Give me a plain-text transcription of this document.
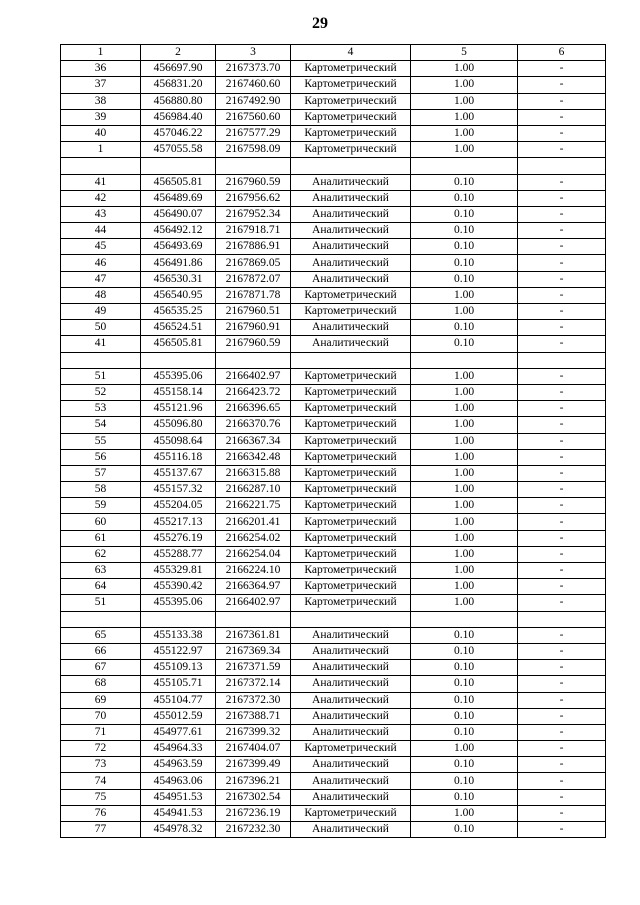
29
1	2	3	4	5	6
36	456697.90	2167373.70	Картометрический	1.00	-
37	456831.20	2167460.60	Картометрический	1.00	-
38	456880.80	2167492.90	Картометрический	1.00	-
39	456984.40	2167560.60	Картометрический	1.00	-
40	457046.22	2167577.29	Картометрический	1.00	-
1	457055.58	2167598.09	Картометрический	1.00	-

41	456505.81	2167960.59	Аналитический	0.10	-
42	456489.69	2167956.62	Аналитический	0.10	-
43	456490.07	2167952.34	Аналитический	0.10	-
44	456492.12	2167918.71	Аналитический	0.10	-
45	456493.69	2167886.91	Аналитический	0.10	-
46	456491.86	2167869.05	Аналитический	0.10	-
47	456530.31	2167872.07	Аналитический	0.10	-
48	456540.95	2167871.78	Картометрический	1.00	-
49	456535.25	2167960.51	Картометрический	1.00	-
50	456524.51	2167960.91	Аналитический	0.10	-
41	456505.81	2167960.59	Аналитический	0.10	-

51	455395.06	2166402.97	Картометрический	1.00	-
52	455158.14	2166423.72	Картометрический	1.00	-
53	455121.96	2166396.65	Картометрический	1.00	-
54	455096.80	2166370.76	Картометрический	1.00	-
55	455098.64	2166367.34	Картометрический	1.00	-
56	455116.18	2166342.48	Картометрический	1.00	-
57	455137.67	2166315.88	Картометрический	1.00	-
58	455157.32	2166287.10	Картометрический	1.00	-
59	455204.05	2166221.75	Картометрический	1.00	-
60	455217.13	2166201.41	Картометрический	1.00	-
61	455276.19	2166254.02	Картометрический	1.00	-
62	455288.77	2166254.04	Картометрический	1.00	-
63	455329.81	2166224.10	Картометрический	1.00	-
64	455390.42	2166364.97	Картометрический	1.00	-
51	455395.06	2166402.97	Картометрический	1.00	-

65	455133.38	2167361.81	Аналитический	0.10	-
66	455122.97	2167369.34	Аналитический	0.10	-
67	455109.13	2167371.59	Аналитический	0.10	-
68	455105.71	2167372.14	Аналитический	0.10	-
69	455104.77	2167372.30	Аналитический	0.10	-
70	455012.59	2167388.71	Аналитический	0.10	-
71	454977.61	2167399.32	Аналитический	0.10	-
72	454964.33	2167404.07	Картометрический	1.00	-
73	454963.59	2167399.49	Аналитический	0.10	-
74	454963.06	2167396.21	Аналитический	0.10	-
75	454951.53	2167302.54	Аналитический	0.10	-
76	454941.53	2167236.19	Картометрический	1.00	-
77	454978.32	2167232.30	Аналитический	0.10	-
